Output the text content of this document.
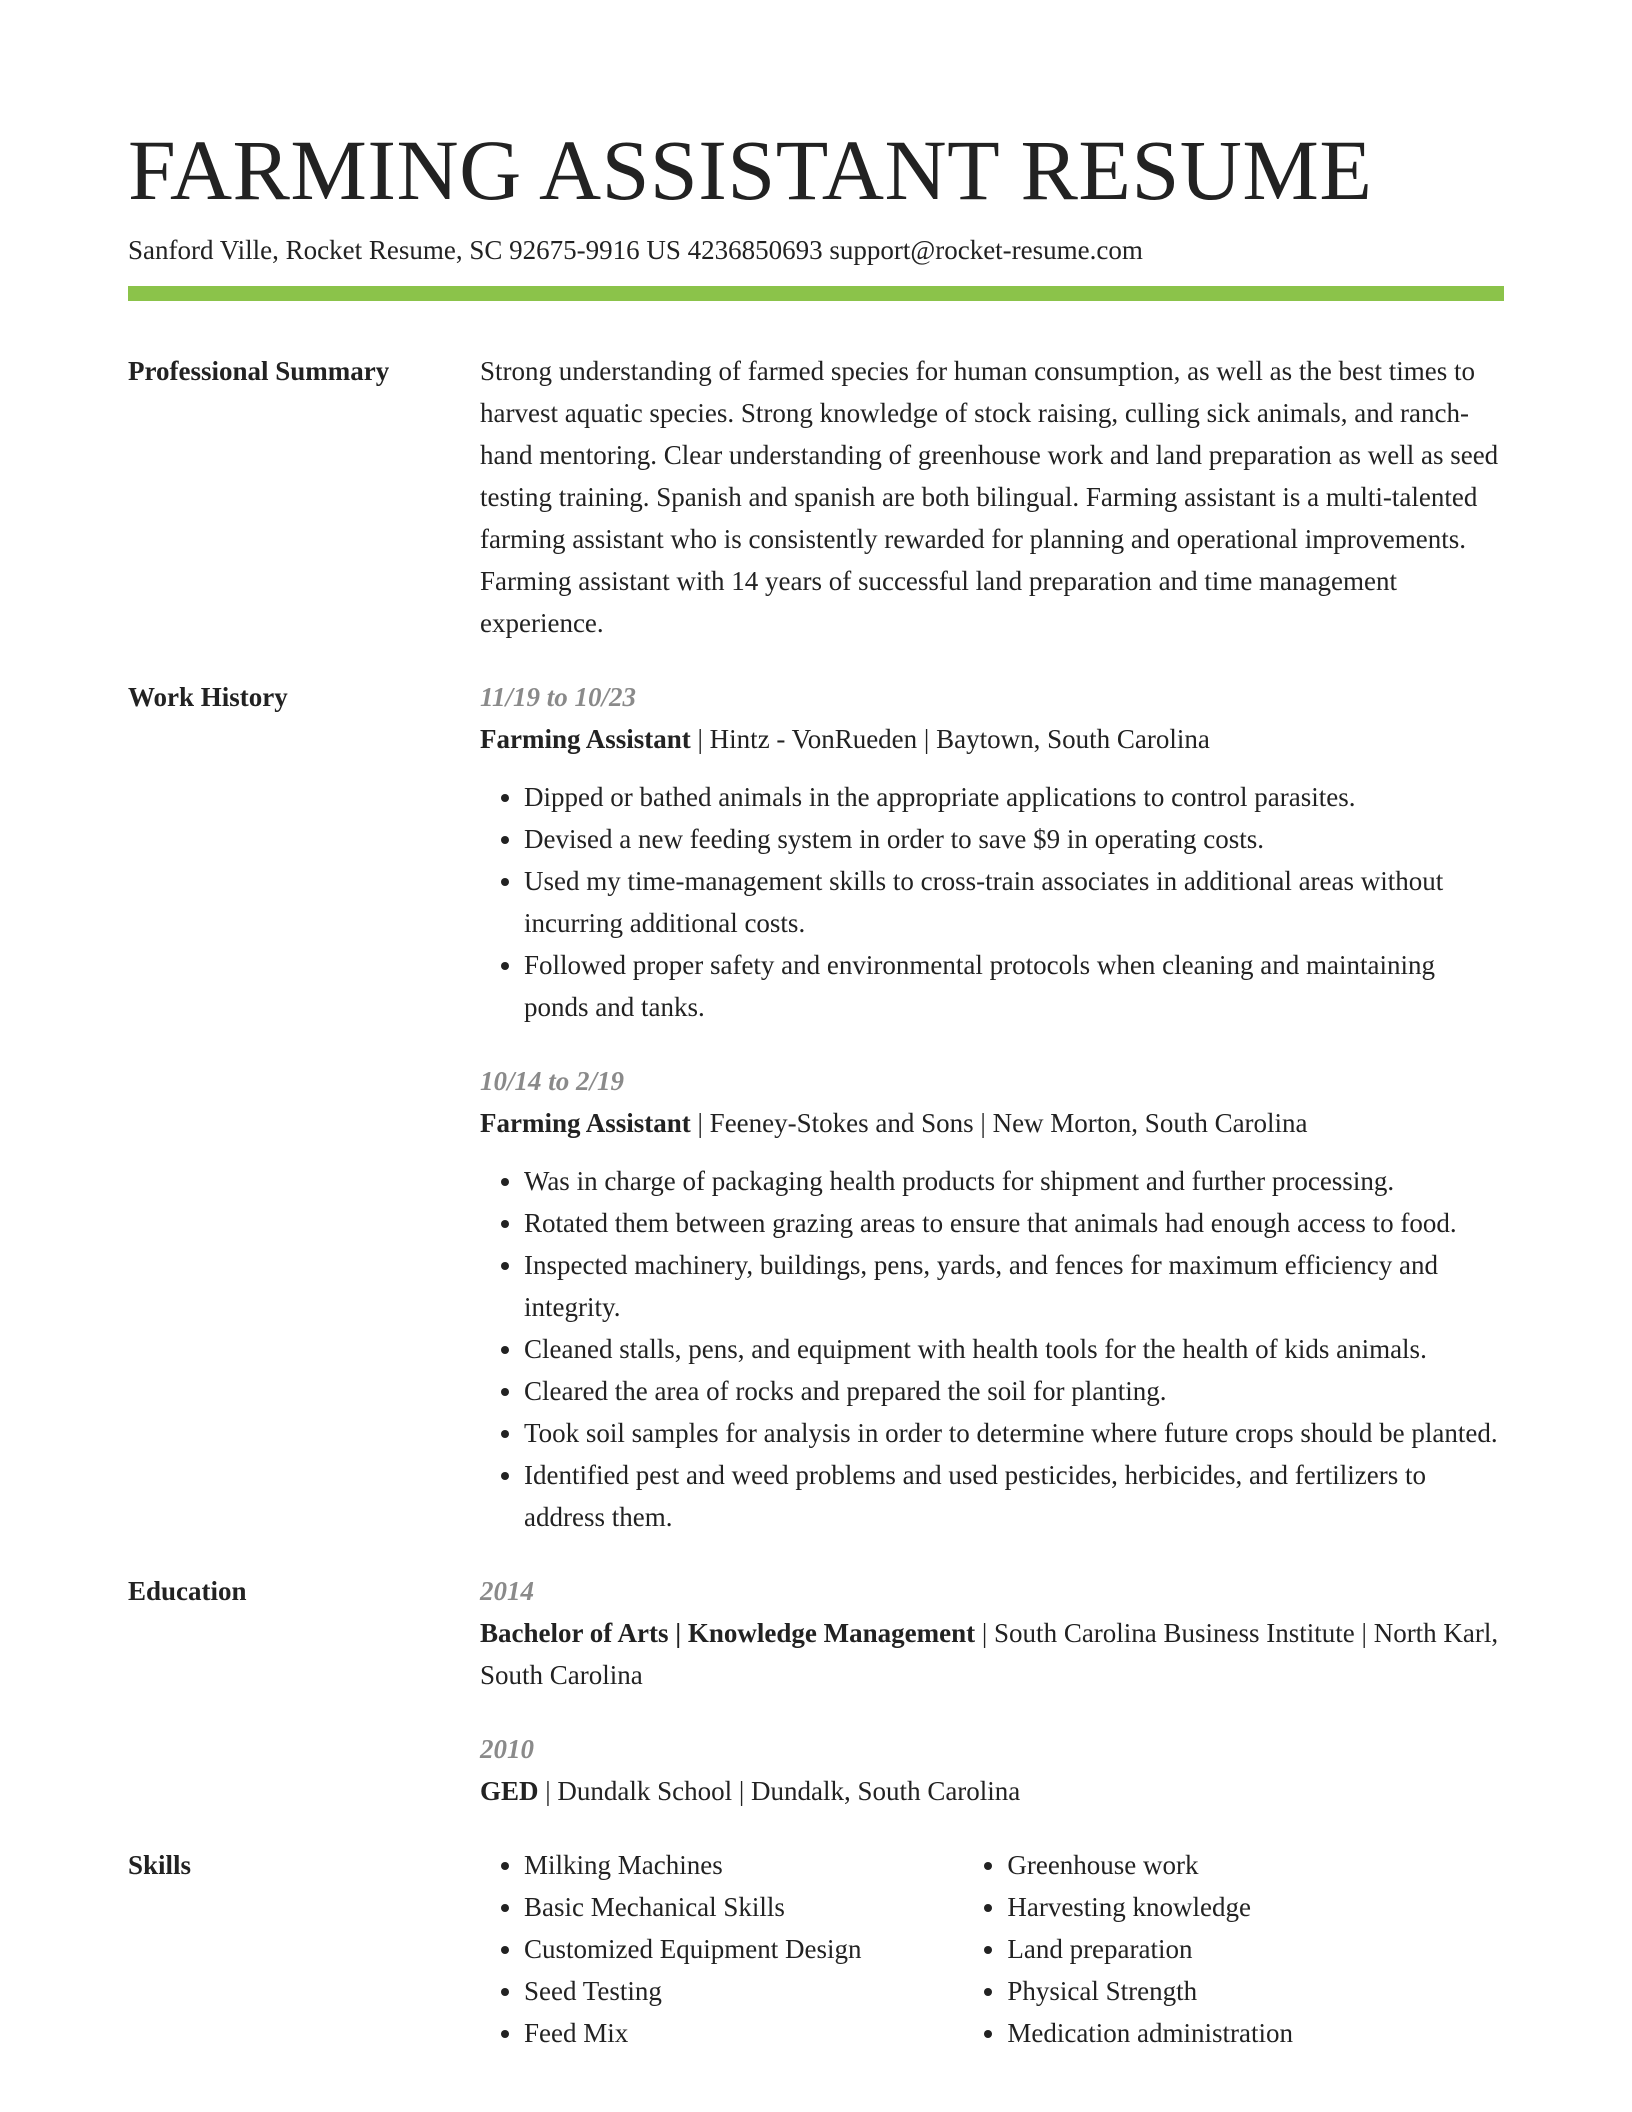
FARMING ASSISTANT RESUME
Sanford Ville, Rocket Resume, SC 92675-9916 US 4236850693 support@rocket-resume.com
Professional Summary	Strong understanding of farmed species for human consumption, as well as the best times to harvest aquatic species. Strong knowledge of stock raising, culling sick animals, and ranch-hand mentoring. Clear understanding of greenhouse work and land preparation as well as seed testing training. Spanish and spanish are both bilingual. Farming assistant is a multi-talented farming assistant who is consistently rewarded for planning and operational improvements. Farming assistant with 14 years of successful land preparation and time management experience.

Work History	11/19 to 10/23
Farming Assistant | Hintz - VonRueden | Baytown, South Carolina
• Dipped or bathed animals in the appropriate applications to control parasites.
• Devised a new feeding system in order to save $9 in operating costs.
• Used my time-management skills to cross-train associates in additional areas without incurring additional costs.
• Followed proper safety and environmental protocols when cleaning and maintaining ponds and tanks.
10/14 to 2/19
Farming Assistant | Feeney-Stokes and Sons | New Morton, South Carolina
• Was in charge of packaging health products for shipment and further processing.
• Rotated them between grazing areas to ensure that animals had enough access to food.
• Inspected machinery, buildings, pens, yards, and fences for maximum efficiency and integrity.
• Cleaned stalls, pens, and equipment with health tools for the health of kids animals.
• Cleared the area of rocks and prepared the soil for planting.
• Took soil samples for analysis in order to determine where future crops should be planted.
• Identified pest and weed problems and used pesticides, herbicides, and fertilizers to address them.
Education	2014
Bachelor of Arts | Knowledge Management | South Carolina Business Institute | North Karl, South Carolina
2010
GED | Dundalk School | Dundalk, South Carolina
Skills
•	Milking Machines
• Basic Mechanical Skills
• Customized Equipment Design
• Seed Testing
• Feed Mix
• Greenhouse work
• Harvesting knowledge
• Land preparation
• Physical Strength
• Medication administration
